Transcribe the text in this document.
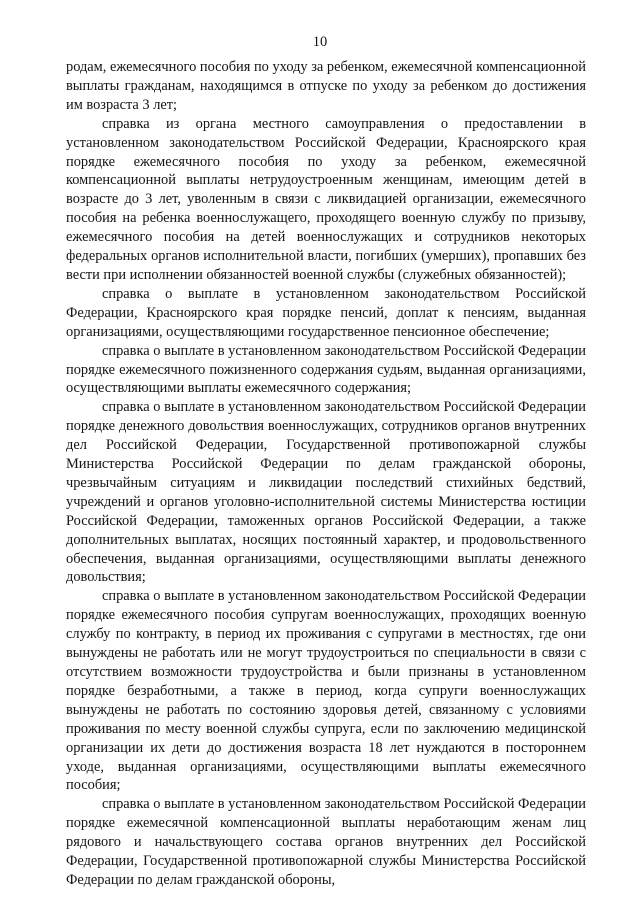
10

родам, ежемесячного пособия по уходу за ребенком, ежемесячной компенсационной выплаты гражданам, находящимся в отпуске по уходу за ребенком до достижения им возраста 3 лет;

справка из органа местного самоуправления о предоставлении в установленном законодательством Российской Федерации, Красноярского края порядке ежемесячного пособия по уходу за ребенком, ежемесячной компенсационной выплаты нетрудоустроенным женщинам, имеющим детей в возрасте до 3 лет, уволенным в связи с ликвидацией организации, ежемесячного пособия на ребенка военнослужащего, проходящего военную службу по призыву, ежемесячного пособия на детей военнослужащих и сотрудников некоторых федеральных органов исполнительной власти, погибших (умерших), пропавших без вести при исполнении обязанностей военной службы (служебных обязанностей);

справка о выплате в установленном законодательством Российской Федерации, Красноярского края порядке пенсий, доплат к пенсиям, выданная организациями, осуществляющими государственное пенсионное обеспечение;

справка о выплате в установленном законодательством Российской Федерации порядке ежемесячного пожизненного содержания судьям, выданная организациями, осуществляющими выплаты ежемесячного содержания;

справка о выплате в установленном законодательством Российской Федерации порядке денежного довольствия военнослужащих, сотрудников органов внутренних дел Российской Федерации, Государственной противопожарной службы Министерства Российской Федерации по делам гражданской обороны, чрезвычайным ситуациям и ликвидации последствий стихийных бедствий, учреждений и органов уголовно-исполнительной системы Министерства юстиции Российской Федерации, таможенных органов Российской Федерации, а также дополнительных выплатах, носящих постоянный характер, и продовольственного обеспечения, выданная организациями, осуществляющими выплаты денежного довольствия;

справка о выплате в установленном законодательством Российской Федерации порядке ежемесячного пособия супругам военнослужащих, проходящих военную службу по контракту, в период их проживания с супругами в местностях, где они вынуждены не работать или не могут трудоустроиться по специальности в связи с отсутствием возможности трудоустройства и были признаны в установленном порядке безработными, а также в период, когда супруги военнослужащих вынуждены не работать по состоянию здоровья детей, связанному с условиями проживания по месту военной службы супруга, если по заключению медицинской организации их дети до достижения возраста 18 лет нуждаются в постороннем уходе, выданная организациями, осуществляющими выплаты ежемесячного пособия;

справка о выплате в установленном законодательством Российской Федерации порядке ежемесячной компенсационной выплаты неработающим женам лиц рядового и начальствующего состава органов внутренних дел Российской Федерации, Государственной противопожарной службы Министерства Российской Федерации по делам гражданской обороны,
